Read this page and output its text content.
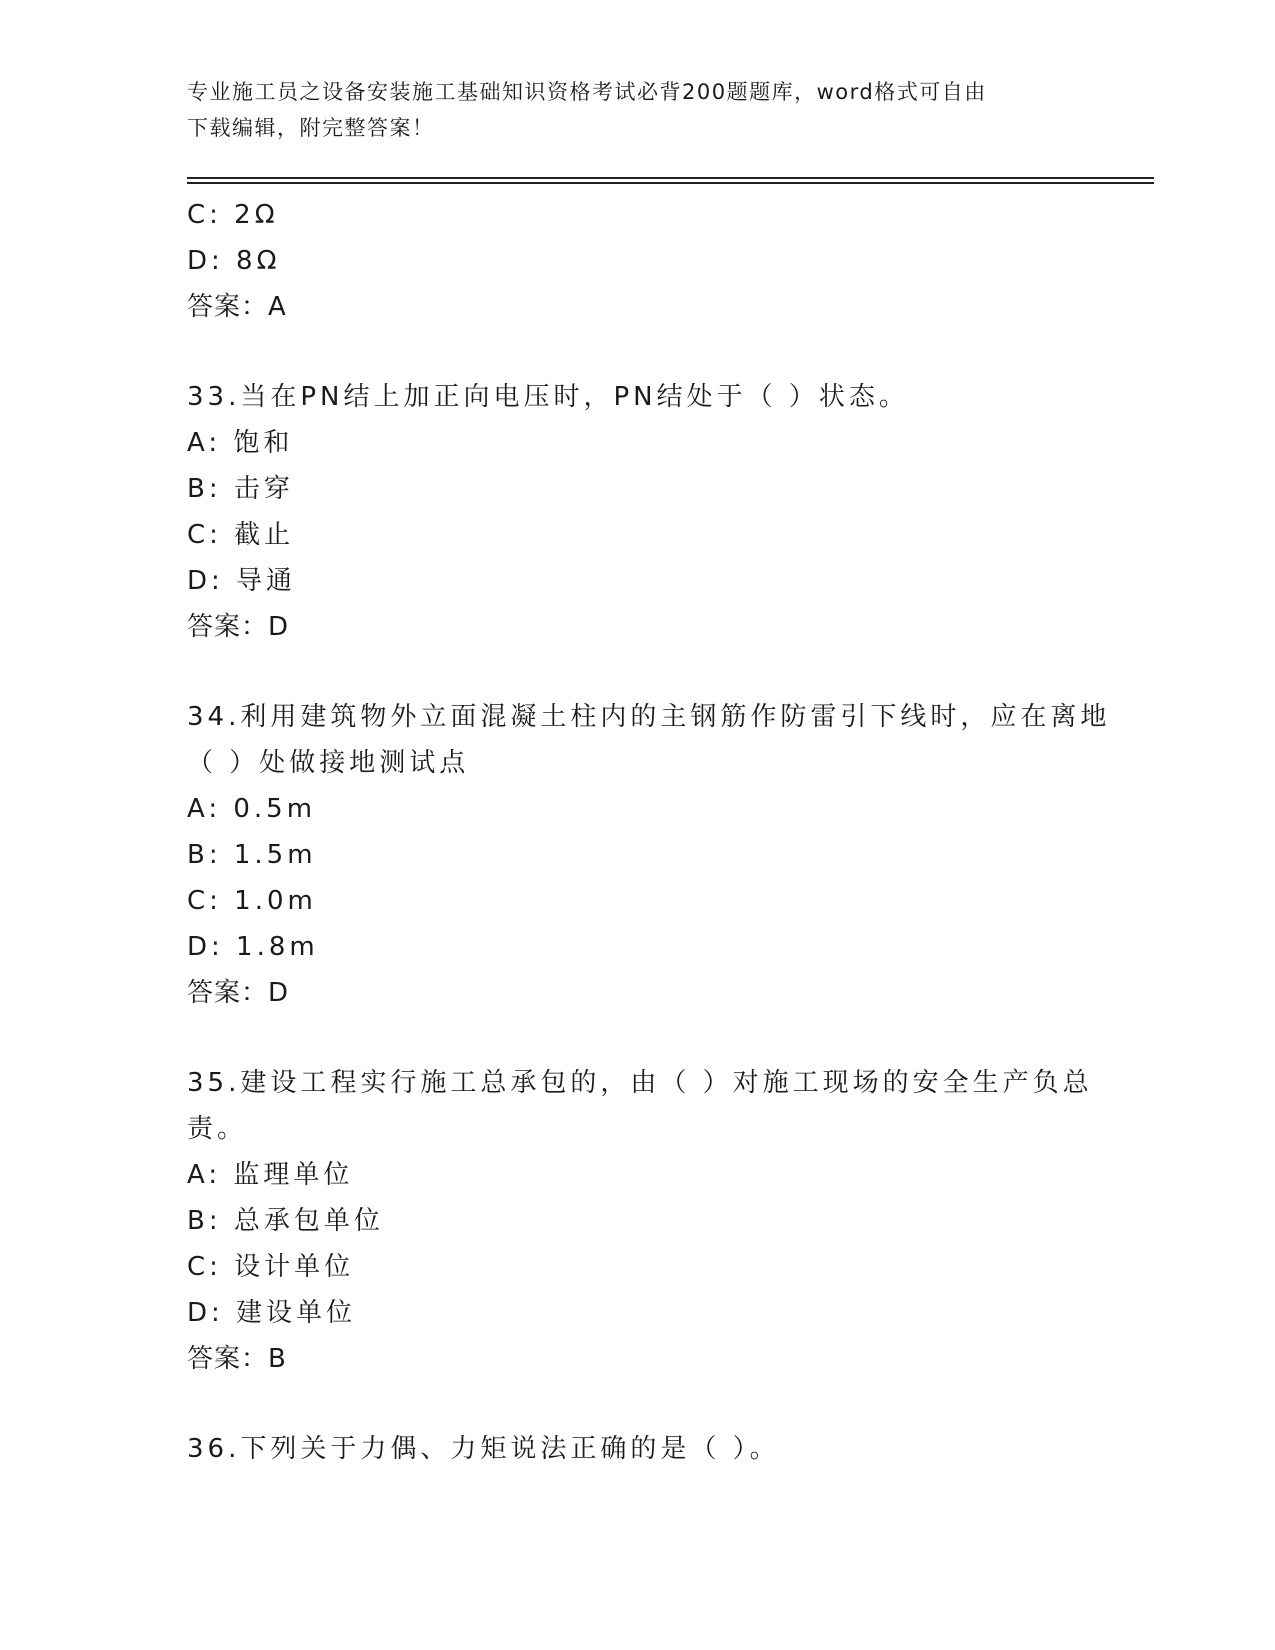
专业施工员之设备安装施工基础知识资格考试必背200题题库，word格式可自由
下载编辑，附完整答案！
C: 2Ω
D: 8Ω
答案：A
33.当在PN结上加正向电压时，PN结处于（ ）状态。
A: 饱和
B: 击穿
C: 截止
D: 导通
答案：D
34.利用建筑物外立面混凝土柱内的主钢筋作防雷引下线时，应在离地
（ ）处做接地测试点
A: 0.5m
B: 1.5m
C: 1.0m
D: 1.8m
答案：D
35.建设工程实行施工总承包的，由（ ）对施工现场的安全生产负总
责。
A: 监理单位
B: 总承包单位
C: 设计单位
D: 建设单位
答案：B
36.下列关于力偶、力矩说法正确的是（ ）。
